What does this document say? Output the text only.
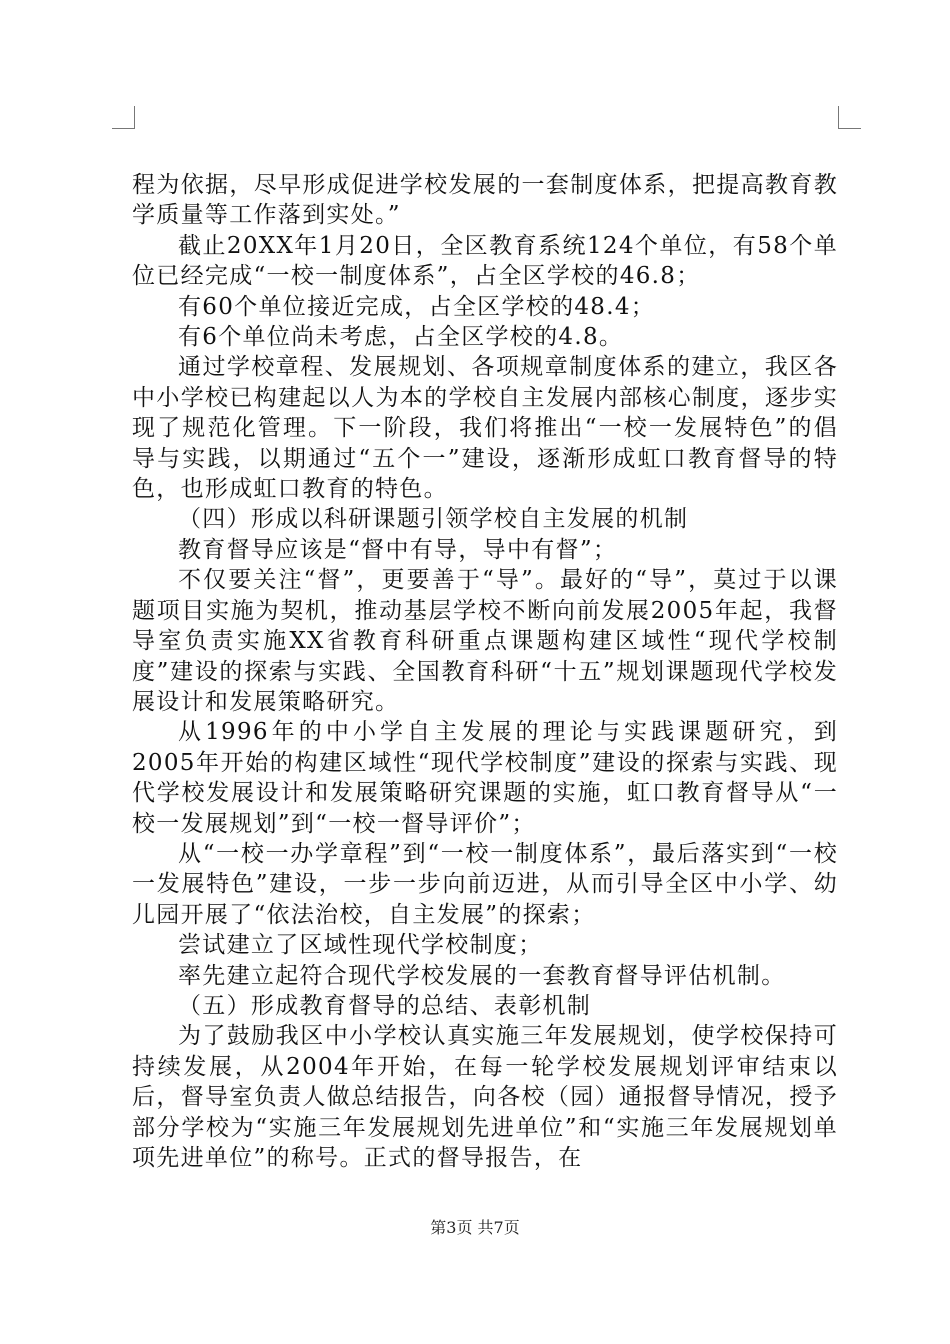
程为依据，尽早形成促进学校发展的一套制度体系，把提高教育教学质量等工作落到实处。”

截止20XX年1月20日，全区教育系统124个单位，有58个单位已经完成“一校一制度体系”，占全区学校的46.8；

有60个单位接近完成，占全区学校的48.4；

有6个单位尚未考虑，占全区学校的4.8。

通过学校章程、发展规划、各项规章制度体系的建立，我区各中小学校已构建起以人为本的学校自主发展内部核心制度，逐步实现了规范化管理。下一阶段，我们将推出“一校一发展特色”的倡导与实践，以期通过“五个一”建设，逐渐形成虹口教育督导的特色，也形成虹口教育的特色。

（四）形成以科研课题引领学校自主发展的机制

教育督导应该是“督中有导，导中有督”；

不仅要关注“督”，更要善于“导”。最好的“导”，莫过于以课题项目实施为契机，推动基层学校不断向前发展2005年起，我督导室负责实施XX省教育科研重点课题构建区域性“现代学校制度”建设的探索与实践、全国教育科研“十五”规划课题现代学校发展设计和发展策略研究。

从1996年的中小学自主发展的理论与实践课题研究，到2005年开始的构建区域性“现代学校制度”建设的探索与实践、现代学校发展设计和发展策略研究课题的实施，虹口教育督导从“一校一发展规划”到“一校一督导评价”；

从“一校一办学章程”到“一校一制度体系”，最后落实到“一校一发展特色”建设，一步一步向前迈进，从而引导全区中小学、幼儿园开展了“依法治校，自主发展”的探索；

尝试建立了区域性现代学校制度；

率先建立起符合现代学校发展的一套教育督导评估机制。

（五）形成教育督导的总结、表彰机制

为了鼓励我区中小学校认真实施三年发展规划，使学校保持可持续发展，从2004年开始，在每一轮学校发展规划评审结束以后，督导室负责人做总结报告，向各校（园）通报督导情况，授予部分学校为“实施三年发展规划先进单位”和“实施三年发展规划单项先进单位”的称号。正式的督导报告，在

第3页 共7页
